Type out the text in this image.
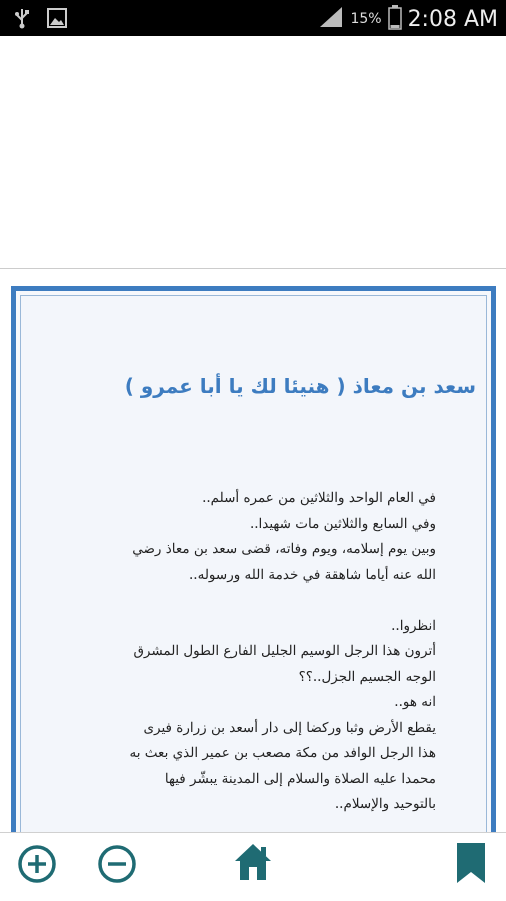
15% 2:08 AM
سعد بن معاذ ( هنيئا لك يا أبا عمرو )

في العام الواحد والثلاثين من عمره أسلم..

وفي السابع والثلاثين مات شهيدا..

وبين يوم إسلامه، ويوم وفاته، قضى سعد بن معاذ رضي

الله عنه أياما شاهقة في خدمة الله ورسوله..

انظروا..

أترون هذا الرجل الوسيم الجليل الفارع الطول المشرق

الوجه الجسيم الجزل..؟؟

انه هو..

يقطع الأرض وثبا وركضا إلى دار أسعد بن زرارة فيرى

هذا الرجل الوافد من مكة مصعب بن عمير الذي بعث به

محمدا عليه الصلاة والسلام إلى المدينة يبشّر فيها

بالتوحيد والإسلام..
